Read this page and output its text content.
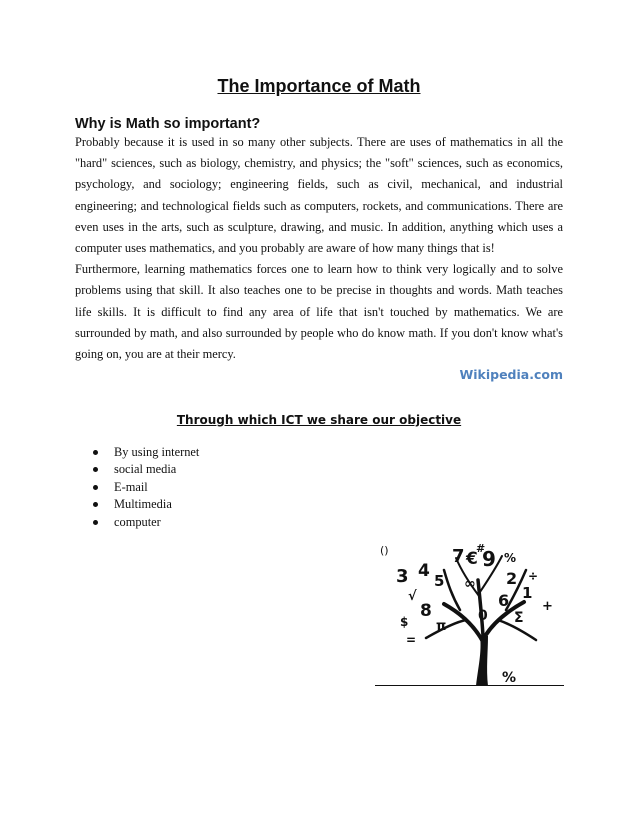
The Importance of Math
Why is Math so important?

Probably because it is used in so many other subjects. There are uses of mathematics in all the "hard" sciences, such as biology, chemistry, and physics; the "soft" sciences, such as economics, psychology, and sociology; engineering fields, such as civil, mechanical, and industrial engineering; and technological fields such as computers, rockets, and communications. There are even uses in the arts, such as sculpture, drawing, and music. In addition, anything which uses a computer uses mathematics, and you probably are aware of how many things that is!

Furthermore, learning mathematics forces one to learn how to think very logically and to solve problems using that skill. It also teaches one to be precise in thoughts and words. Math teaches life skills. It is difficult to find any area of life that isn't touched by mathematics. We are surrounded by math, and also surrounded by people who do know math. If you don't know what's going on, you are at their mercy.

Wikipedia.com
Through which ICT we share our objective
By using internet
social media
E-mail
Multimedia
computer
()	7 € 9
#
%
3 4 5	2
1
√
8
6
∞
Σ
π
0
$
÷
+
=
%
